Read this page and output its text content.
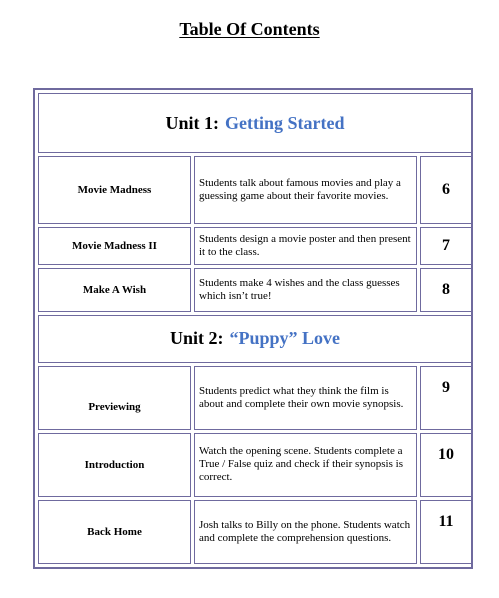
Table Of Contents
Unit 1: Getting Started		
Movie Madness	Students talk about famous movies and play a guessing game about their favorite movies.	6
Movie Madness II	Students design a movie poster and then present it to the class.	7
Make A Wish	Students make 4 wishes and the class guesses which isn’t true!	8
Unit 2: “Puppy” Love		
Previewing	Students predict what they think the film is about and complete their own movie synopsis.	9
Introduction	Watch the opening scene. Students complete a True / False quiz and check if their synopsis is correct.	10
Back Home	Josh talks to Billy on the phone. Students watch and complete the comprehension questions.	11
